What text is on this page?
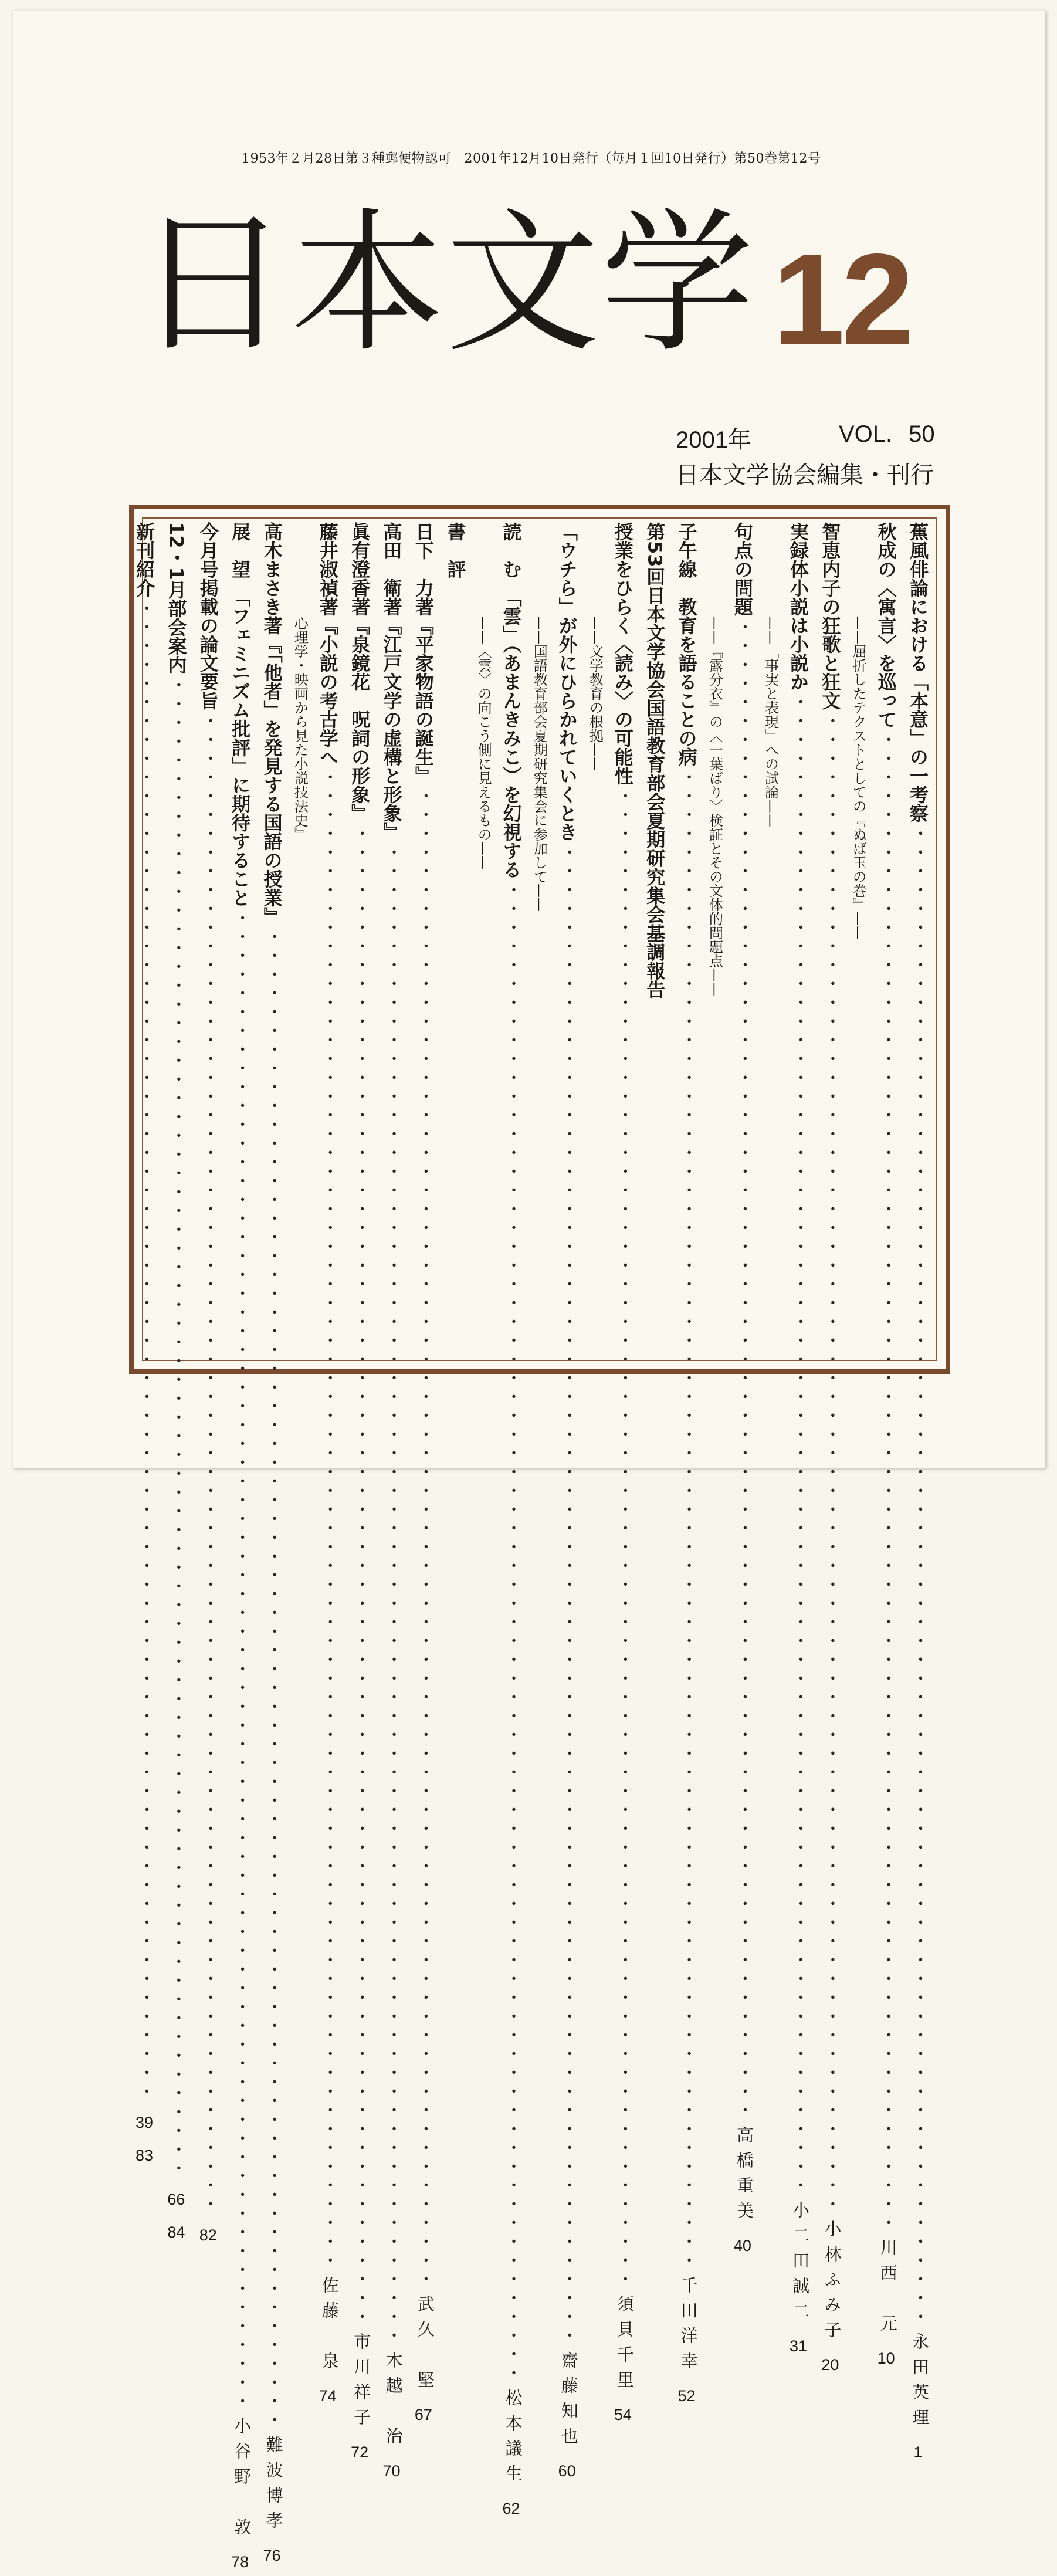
1953年２月28日第３種郵便物認可　2001年12月10日発行（毎月１回10日発行）第50巻第12号
日本文学 12
2001年	VOL. 50
日本文学協会編集・刊行
蕉風俳論における「本意」の一考察
・・・・・・・・・・・・・・・・・・・・・・・・・・・・・・・・・・・・・・・・・・・・・・・・・・・・・・・・・・・・・・・・・・・・・・・・・・・・・・・・
永田英理
1
秋成の〈寓言〉を巡って
・・・・・・・・・・・・・・・・・・・・・・・・・・・・・・・・・・・・・・・・・・・・・・・・・・・・・・・・・・・・・・・・・・・・・・・・・・・・・・・・
川西　元
10
——屈折したテクストとしての『ぬば玉の巻』——
智恵内子の狂歌と狂文
・・・・・・・・・・・・・・・・・・・・・・・・・・・・・・・・・・・・・・・・・・・・・・・・・・・・・・・・・・・・・・・・・・・・・・・・・・・・・・・・
小林ふみ子
20
実録体小説は小説か
・・・・・・・・・・・・・・・・・・・・・・・・・・・・・・・・・・・・・・・・・・・・・・・・・・・・・・・・・・・・・・・・・・・・・・・・・・・・・・・・
小二田誠二
31
——「事実と表現」への試論——
句点の問題
・・・・・・・・・・・・・・・・・・・・・・・・・・・・・・・・・・・・・・・・・・・・・・・・・・・・・・・・・・・・・・・・・・・・・・・・・・・・・・・・
高橋重美
40
——『露分衣』の〈一葉ばり〉検証とその文体的問題点——
子午線　教育を語ることの病
・・・・・・・・・・・・・・・・・・・・・・・・・・・・・・・・・・・・・・・・・・・・・・・・・・・・・・・・・・・・・・・・・・・・・・・・・・・・・・・・
千田洋幸
52
第53回日本文学協会国語教育部会夏期研究集会基調報告
授業をひらく〈読み〉の可能性
・・・・・・・・・・・・・・・・・・・・・・・・・・・・・・・・・・・・・・・・・・・・・・・・・・・・・・・・・・・・・・・・・・・・・・・・・・・・・・・・
須貝千里
54
——文学教育の根拠——
「ウチら」が外にひらかれていくとき
・・・・・・・・・・・・・・・・・・・・・・・・・・・・・・・・・・・・・・・・・・・・・・・・・・・・・・・・・・・・・・・・・・・・・・・・・・・・・・・・
齋藤知也
60
——国語教育部会夏期研究集会に参加して——
読　む　「雲」（あまんきみこ）を幻視する
・・・・・・・・・・・・・・・・・・・・・・・・・・・・・・・・・・・・・・・・・・・・・・・・・・・・・・・・・・・・・・・・・・・・・・・・・・・・・・・・
松本議生
62
——〈雲〉の向こう側に見えるもの——
書　評
日下　力著『平家物語の誕生』
・・・・・・・・・・・・・・・・・・・・・・・・・・・・・・・・・・・・・・・・・・・・・・・・・・・・・・・・・・・・・・・・・・・・・・・・・・・・・・・・
武久　堅
67
高田　衛著『江戸文学の虚構と形象』
・・・・・・・・・・・・・・・・・・・・・・・・・・・・・・・・・・・・・・・・・・・・・・・・・・・・・・・・・・・・・・・・・・・・・・・・・・・・・・・・
木越　治
70
眞有澄香著『泉鏡花　呪詞の形象』
・・・・・・・・・・・・・・・・・・・・・・・・・・・・・・・・・・・・・・・・・・・・・・・・・・・・・・・・・・・・・・・・・・・・・・・・・・・・・・・・
市川祥子
72
藤井淑禎著『小説の考古学へ
・・・・・・・・・・・・・・・・・・・・・・・・・・・・・・・・・・・・・・・・・・・・・・・・・・・・・・・・・・・・・・・・・・・・・・・・・・・・・・・・
佐藤　泉
74
心理学・映画から見た小説技法史』
高木まさき著『「他者」を発見する国語の授業』
・・・・・・・・・・・・・・・・・・・・・・・・・・・・・・・・・・・・・・・・・・・・・・・・・・・・・・・・・・・・・・・・・・・・・・・・・・・・・・・・
難波博孝
76
展　望　「フェミニズム批評」に期待すること
・・・・・・・・・・・・・・・・・・・・・・・・・・・・・・・・・・・・・・・・・・・・・・・・・・・・・・・・・・・・・・・・・・・・・・・・・・・・・・・・
小谷野　敦
78
今月号掲載の論文要旨
・・・・・・・・・・・・・・・・・・・・・・・・・・・・・・・・・・・・・・・・・・・・・・・・・・・・・・・・・・・・・・・・・・・・・・・・・・・・・・・・
82
12・1月部会案内
・・・・・・・・・・・・・・・・・・・・・・・・・・・・・・・・・・・・・・・・・・・・・・・・・・・・・・・・・・・・・・・・・・・・・・・・・・・・・・・・
66
84
新刊紹介
・・・・・・・・・・・・・・・・・・・・・・・・・・・・・・・・・・・・・・・・・・・・・・・・・・・・・・・・・・・・・・・・・・・・・・・・・・・・・・・・
39
83
